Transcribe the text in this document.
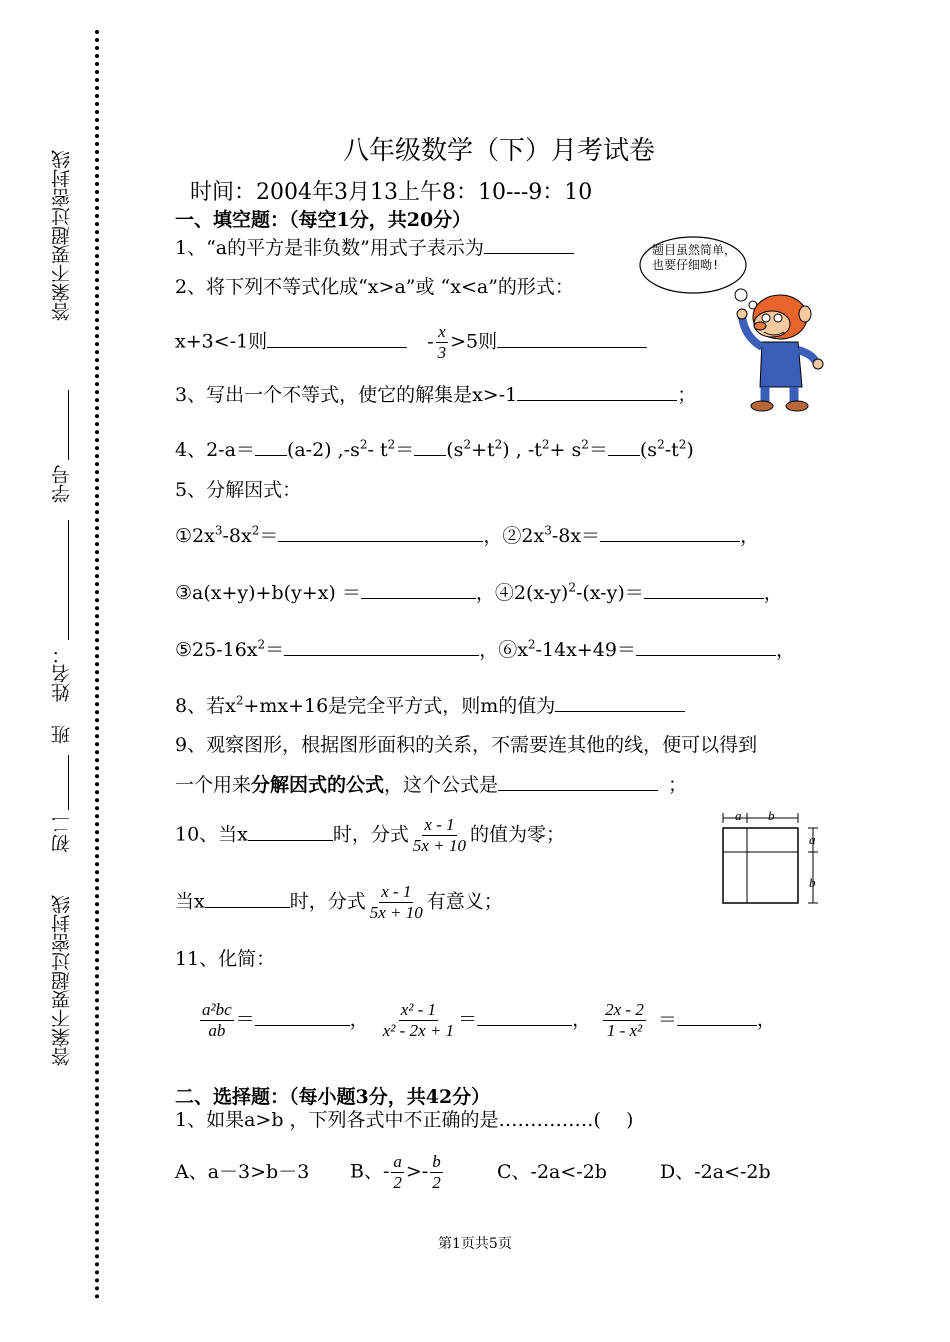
答案不要超过密封线
学号
姓名：
班
初二
答案不要超过密封线
八年级数学（下）月考试卷
时间：2004年3月13上午8：10---9：10
一、填空题：（每空1分，共20分）
1、“a的平方是非负数”用式子表示为
2、将下列不等式化成“x>a”或 “x<a”的形式：
x+3<-1则	- $\frac{x}{3} >5$则
3、写出一个不等式，使它的解集是x>-1	；
4、2-a＝ (a-2) $,-s^2-$ $t^2= (s^2+t^2)$ , $-t^2+ s^2= (s^2-t^2)$
5、分解因式：
$①2x^3-8x^2=$	，$②2x^3-8x=$	，
③a(x+y)+b(y+x) ＝	，$④2(x-y)^2-(x-y)=$	，
$⑤25-16x^2=$	，$⑥x^2-14x+49=$	，
8、若$x^2+mx+16$是完全平方式，则m的值为
9、观察图形，根据图形面积的关系，不需要连其他的线，便可以得到
一个用来分解因式的公式，这个公式是	；
10、当x	时，分式 $\frac{x - 1}{5x + 10}$ 的值为零；
当x	时，分式 $\frac{x - 1}{5x + 10}$ 有意义；
11、化简：
$\frac{\text{a²bc}}{ab}$ ＝	， $\frac{\text{x² - 1}}{\text{x² - 2x + 1}}$ ＝	， $\frac{2x - 2}{\text{1 - x²}}$ ＝	，
题目虽然简单，也要仔细呦!
a b
a
b
二、选择题：（每小题3分，共42分）
1、如果a>b ，下列各式中不正确的是……………(　 )
A、a－3>b－3 B、- $\frac{a}{2} >- \frac{b}{2}$	C、-2a<-2b	D、-2a<-2b
第1页共5页
